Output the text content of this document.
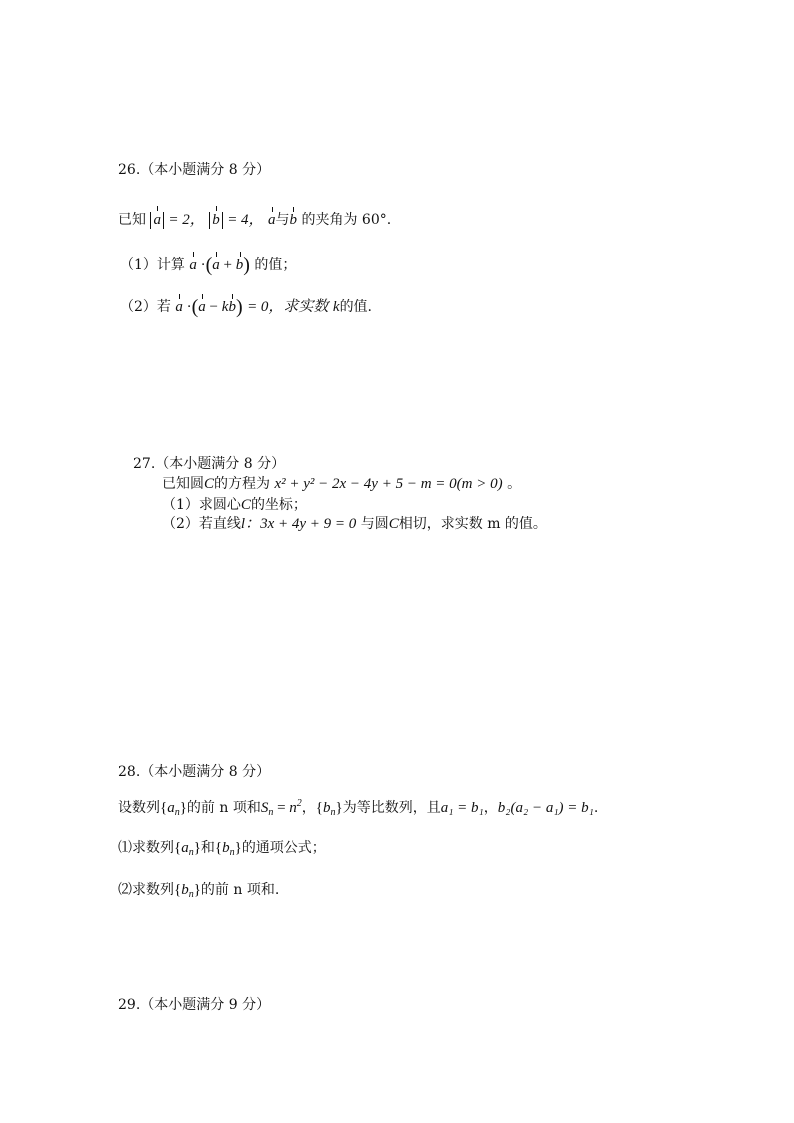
26.（本小题满分 8 分）
已知 a = 2， b = 4， a与b 的夹角为 60°.
（1）计算 a ·(a + b) 的值；
（2）若 a ·(a − kb) = 0，求实数 k的值.
27.（本小题满分 8 分）
已知圆C的方程为 x² + y² − 2x − 4y + 5 − m = 0(m > 0) 。
（1）求圆心C的坐标；
（2）若直线l：3x + 4y + 9 = 0 与圆C相切，求实数 m 的值。
28.（本小题满分 8 分）
设数列$\{a_n\}$的前 n 项和$S_n = n^2$，$\{b_n\}$为等比数列，且a₁ = b₁，b₂(a₂ − a₁) = b₁.
⑴求数列$\{a_n\}$和$\{b_n\}$的通项公式；
⑵求数列$\{b_n\}$的前 n 项和.
29.（本小题满分 9 分）
